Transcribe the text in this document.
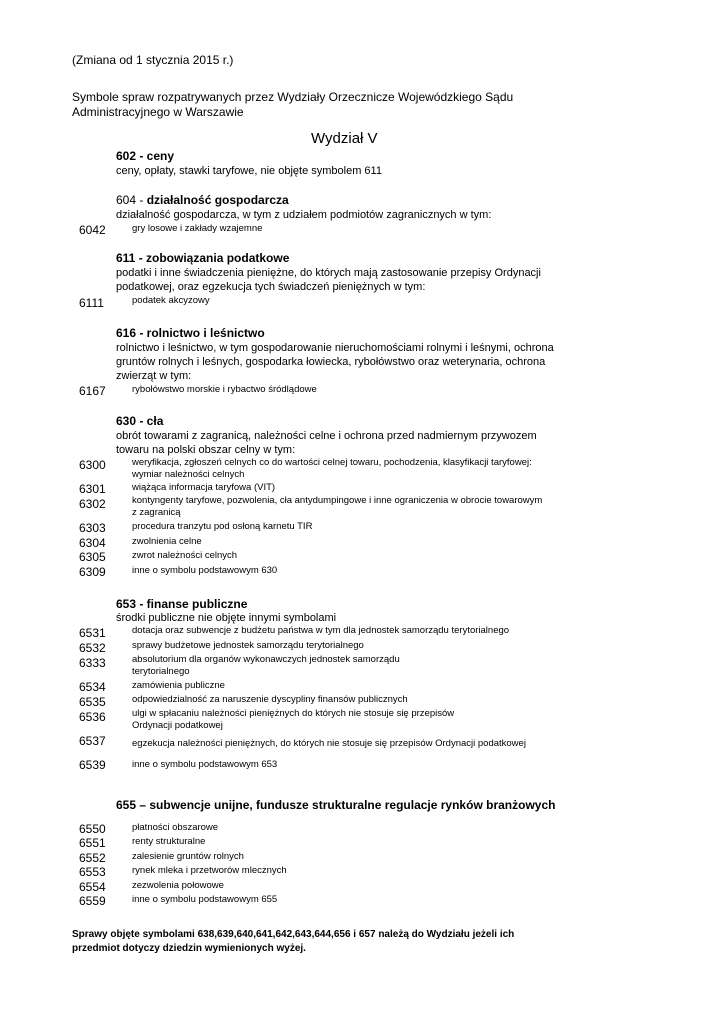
(Zmiana od 1 stycznia 2015 r.)
Symbole spraw rozpatrywanych przez Wydziały Orzecznicze Wojewódzkiego Sądu
Administracyjnego w Warszawie
Wydział V
602 - ceny
ceny, opłaty, stawki taryfowe, nie objęte symbolem 611
604 - działalność gospodarcza
działalność gospodarcza, w tym z udziałem podmiotów zagranicznych w tym:
6042	gry losowe i zakłady wzajemne
611 - zobowiązania podatkowe
podatki i inne świadczenia pieniężne, do których mają zastosowanie przepisy Ordynacji
podatkowej, oraz egzekucja tych świadczeń pieniężnych w tym:
6111	podatek akcyzowy
616 - rolnictwo i leśnictwo
rolnictwo i leśnictwo, w tym gospodarowanie nieruchomościami rolnymi i leśnymi, ochrona
gruntów rolnych i leśnych, gospodarka łowiecka, rybołówstwo oraz weterynaria, ochrona
zwierząt w tym:
6167	rybołówstwo morskie i rybactwo śródlądowe
630 - cła
obrót towarami z zagranicą, należności celne i ochrona przed nadmiernym przywozem
towaru na polski obszar celny w tym:
6300	weryfikacja, zgłoszeń celnych co do wartości celnej towaru, pochodzenia, klasyfikacji taryfowej:
wymiar należności celnych
6301	wiążąca informacja taryfowa (VIT)
6302	kontyngenty taryfowe, pozwolenia, cła antydumpingowe i inne ograniczenia w obrocie towarowym
z zagranicą
6303	procedura tranzytu pod osłoną karnetu TIR
6304	zwolnienia celne
6305	zwrot należności celnych
6309	inne o symbolu podstawowym 630
653 - finanse publiczne
środki publiczne nie objęte innymi symbolami
6531	dotacja oraz subwencje z budżetu państwa w tym dla jednostek samorządu terytorialnego
6532	sprawy budżetowe jednostek samorządu terytorialnego
6333	absolutorium dla organów wykonawczych jednostek samorządu
terytorialnego
6534	zamówienia publiczne
6535	odpowiedzialność za naruszenie dyscypliny finansów publicznych
6536	ulgi w spłacaniu należności pieniężnych do których nie stosuje się przepisów
Ordynacji podatkowej
6537	egzekucja należności pieniężnych, do których nie stosuje się przepisów Ordynacji podatkowej
6539	inne o symbolu podstawowym 653
655 – subwencje unijne, fundusze strukturalne regulacje rynków branżowych
6550	płatności obszarowe
6551	renty strukturalne
6552	zalesienie gruntów rolnych
6553	rynek mleka i przetworów mlecznych
6554	zezwolenia połowowe
6559	inne o symbolu podstawowym 655
Sprawy objęte symbolami 638,639,640,641,642,643,644,656 i 657 należą do Wydziału jeżeli ich
przedmiot dotyczy dziedzin wymienionych wyżej.
